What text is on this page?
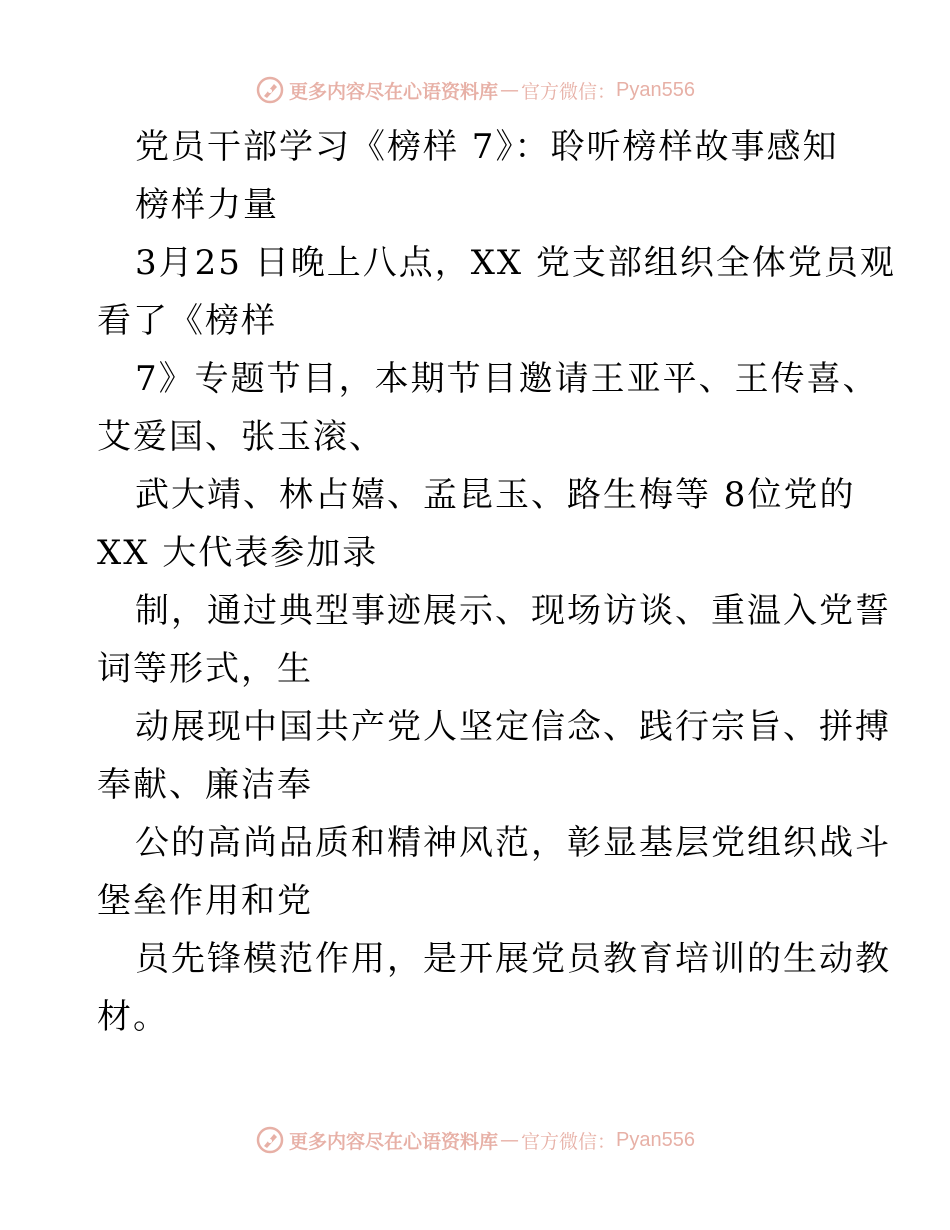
更多内容尽在心语资料库 — 官方微信： Pyan556
党员干部学习《榜样 7》：聆听榜样故事感知
榜样力量
3月25 日晚上八点，XX 党支部组织全体党员观
看了《榜样
7》专题节目，本期节目邀请王亚平、王传喜、
艾爱国、张玉滚、
武大靖、林占嬉、孟昆玉、路生梅等 8位党的
XX 大代表参加录
制，通过典型事迹展示、现场访谈、重温入党誓
词等形式，生
动展现中国共产党人坚定信念、践行宗旨、拼搏
奉献、廉洁奉
公的高尚品质和精神风范，彰显基层党组织战斗
堡垒作用和党
员先锋模范作用，是开展党员教育培训的生动教
材。
更多内容尽在心语资料库 — 官方微信： Pyan556
